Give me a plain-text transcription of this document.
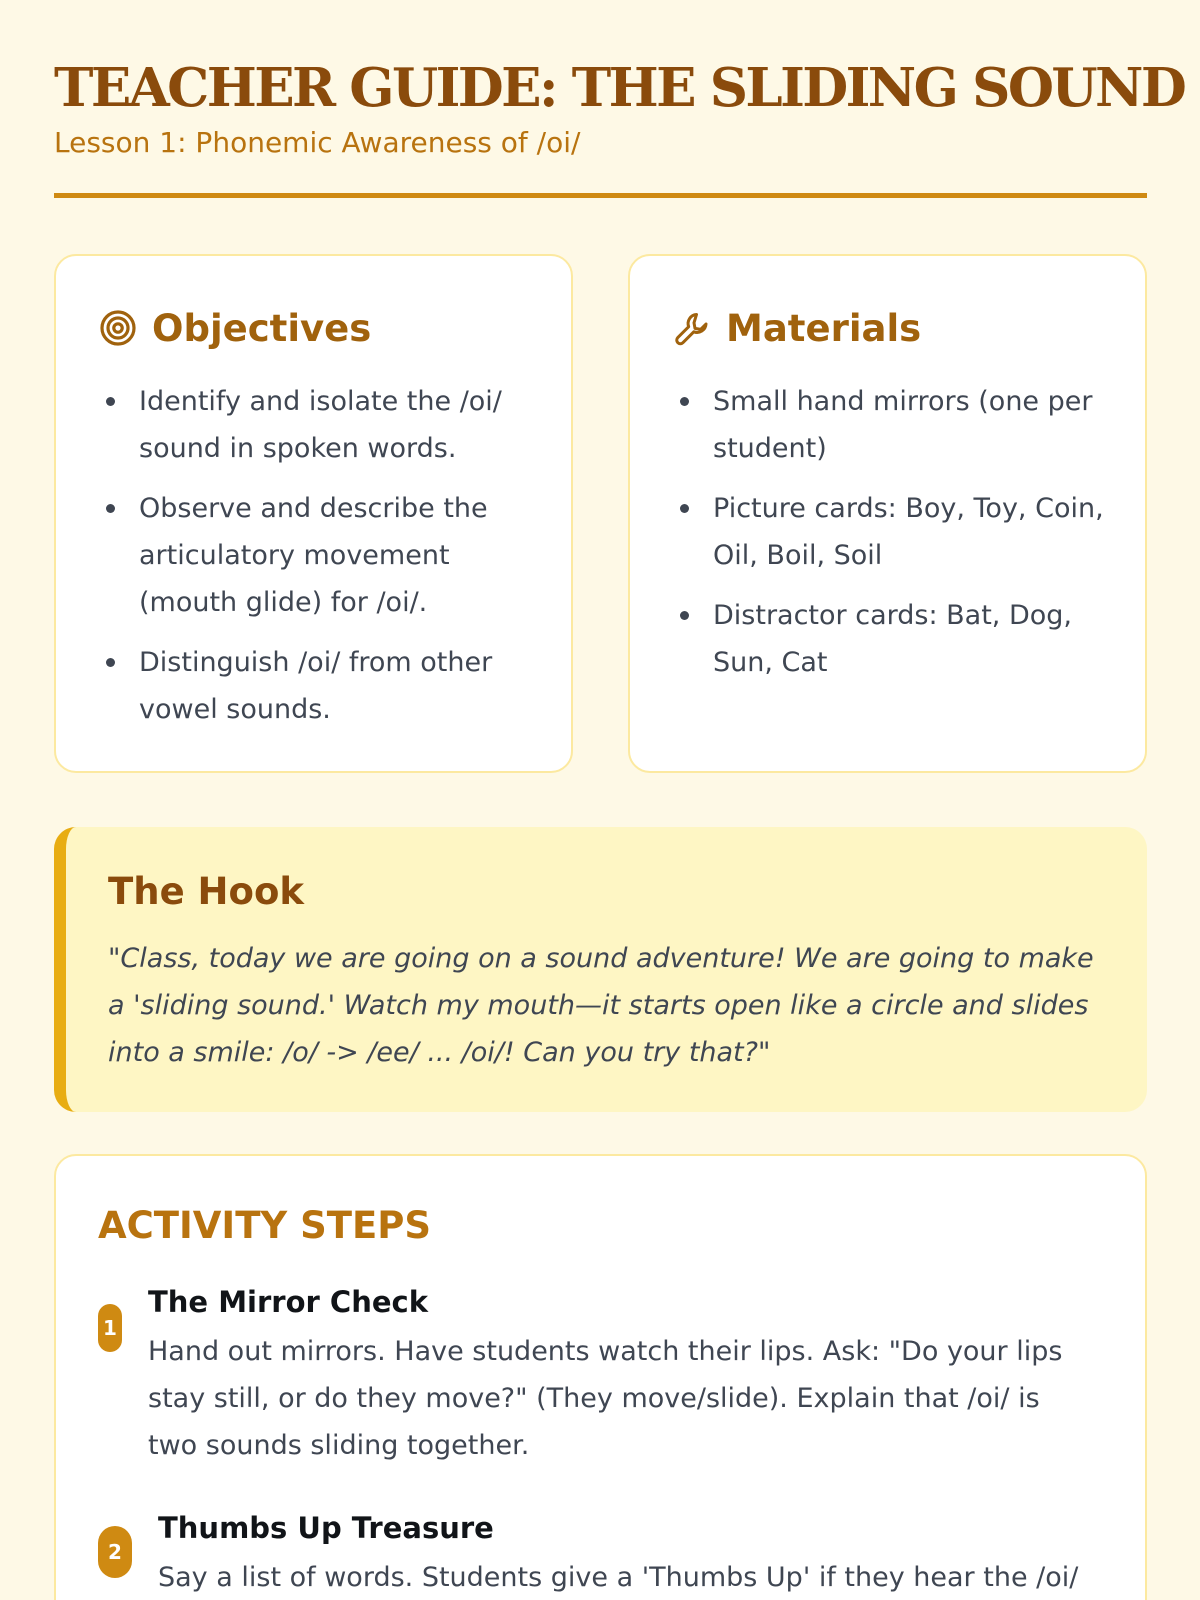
TEACHER GUIDE: THE SLIDING SOUND
Lesson 1: Phonemic Awareness of /oi/
Objectives
Identify and isolate the /oi/ sound in spoken words.
Observe and describe the articulatory movement (mouth glide) for /oi/.
Distinguish /oi/ from other vowel sounds.
Materials
Small hand mirrors (one per student)
Picture cards: Boy, Toy, Coin, Oil, Boil, Soil
Distractor cards: Bat, Dog, Sun, Cat
The Hook
"Class, today we are going on a sound adventure! We are going to make a 'sliding sound.' Watch my mouth—it starts open like a circle and slides into a smile: /o/ -> /ee/ ... /oi/! Can you try that?"
ACTIVITY STEPS
1
The Mirror Check
Hand out mirrors. Have students watch their lips. Ask: "Do your lips stay still, or do they move?" (They move/slide). Explain that /oi/ is two sounds sliding together.
2
Thumbs Up Treasure
Say a list of words. Students give a 'Thumbs Up' if they hear the /oi/
